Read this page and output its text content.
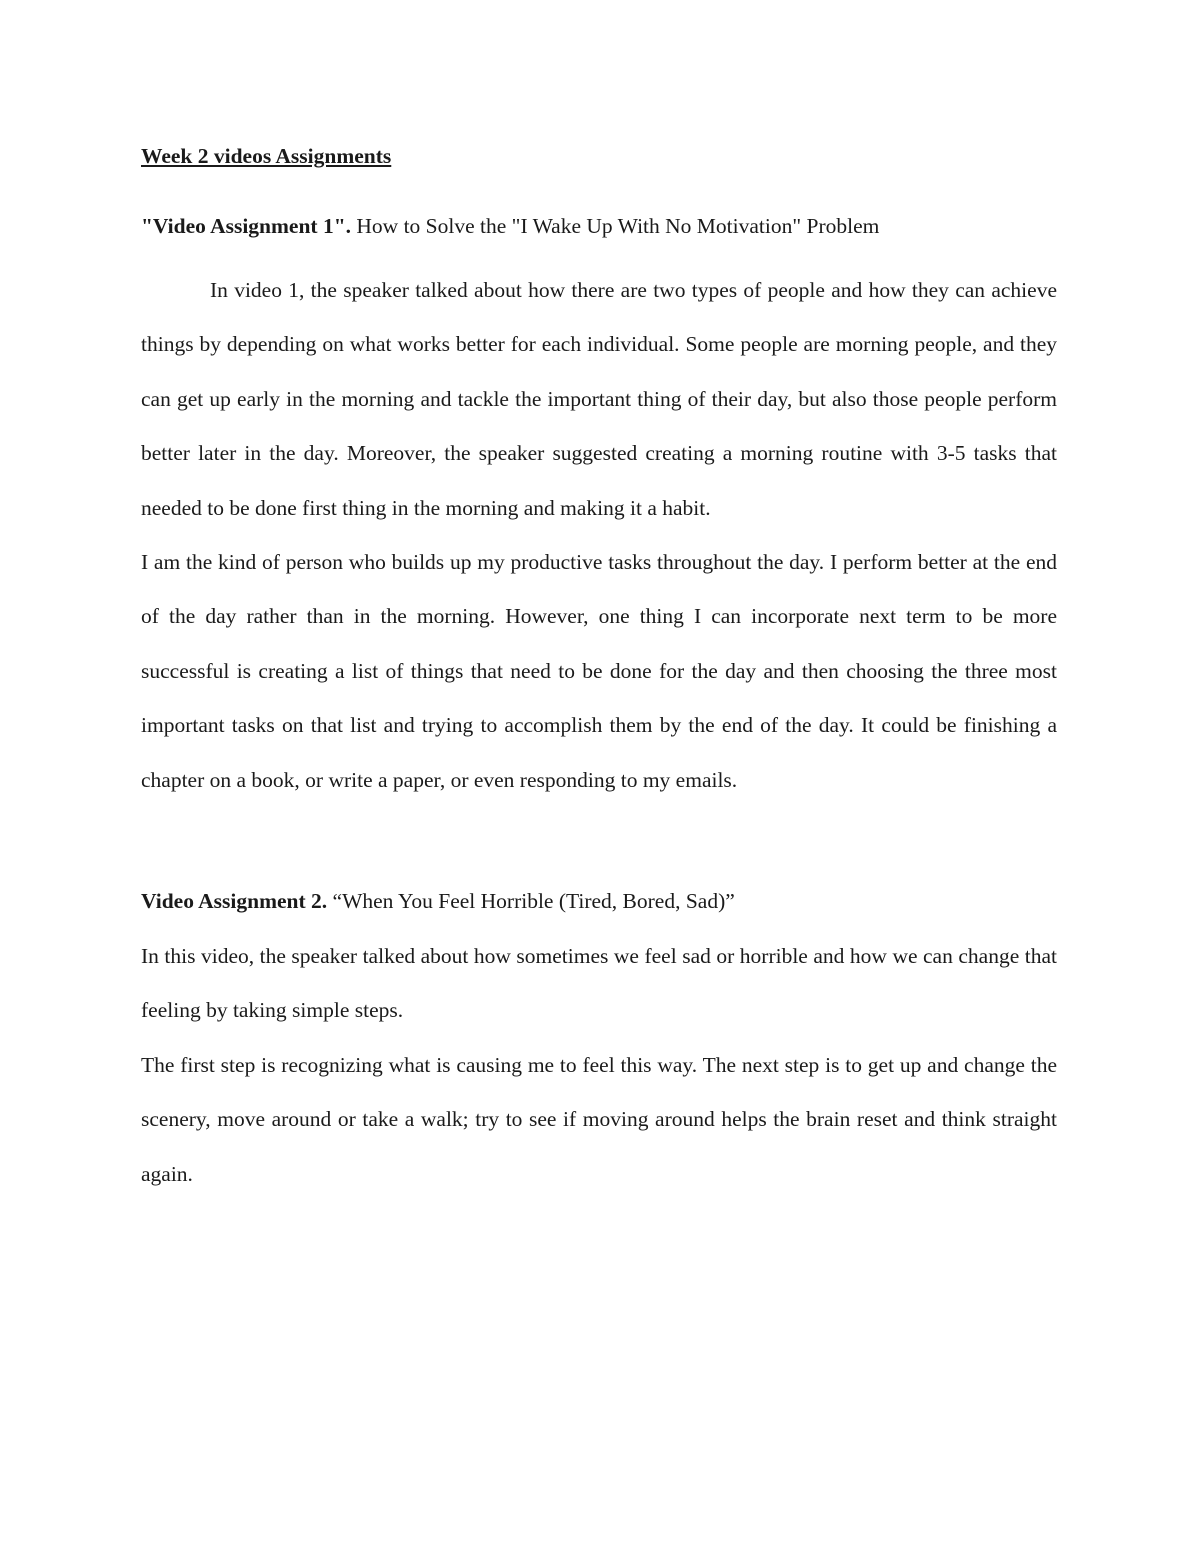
Week 2 videos Assignments
"Video Assignment 1". How to Solve the "I Wake Up With No Motivation" Problem

In video 1, the speaker talked about how there are two types of people and how they can achieve things by depending on what works better for each individual. Some people are morning people, and they can get up early in the morning and tackle the important thing of their day, but also those people perform better later in the day. Moreover, the speaker suggested creating a morning routine with 3-5 tasks that needed to be done first thing in the morning and making it a habit.

I am the kind of person who builds up my productive tasks throughout the day. I perform better at the end of the day rather than in the morning. However, one thing I can incorporate next term to be more successful is creating a list of things that need to be done for the day and then choosing the three most important tasks on that list and trying to accomplish them by the end of the day. It could be finishing a chapter on a book, or write a paper, or even responding to my emails.

Video Assignment 2. “When You Feel Horrible (Tired, Bored, Sad)”

In this video, the speaker talked about how sometimes we feel sad or horrible and how we can change that feeling by taking simple steps.

The first step is recognizing what is causing me to feel this way. The next step is to get up and change the scenery, move around or take a walk; try to see if moving around helps the brain reset and think straight again.
